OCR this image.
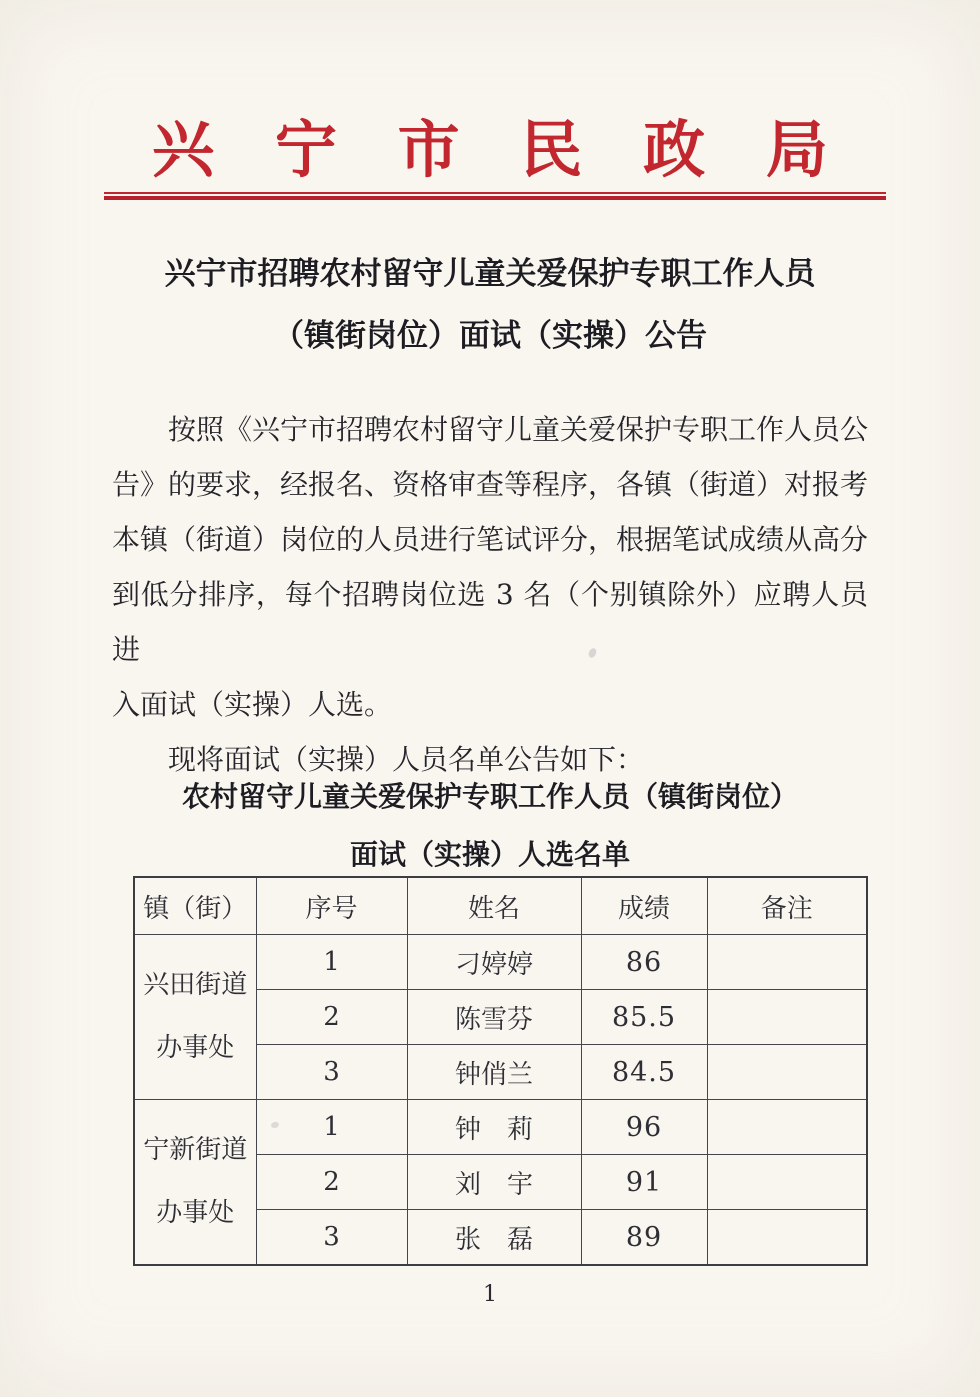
兴宁市民政局
兴宁市招聘农村留守儿童关爱保护专职工作人员
（镇街岗位）面试（实操）公告
按照《兴宁市招聘农村留守儿童关爱保护专职工作人员公
告》的要求，经报名、资格审查等程序，各镇（街道）对报考
本镇（街道）岗位的人员进行笔试评分，根据笔试成绩从高分
到低分排序，每个招聘岗位选 3 名（个别镇除外）应聘人员进
入面试（实操）人选。
现将面试（实操）人员名单公告如下：
农村留守儿童关爱保护专职工作人员（镇街岗位）
面试（实操）人选名单
镇（街）	序号	姓名	成绩	备注

兴田街道
办事处	1	刁婷婷	86	
	2	陈雪芬	85.5	
	3	钟俏兰	84.5	

宁新街道
办事处	1	钟　莉	96	
	2	刘　宇	91	
	3	张　磊	89	
1
